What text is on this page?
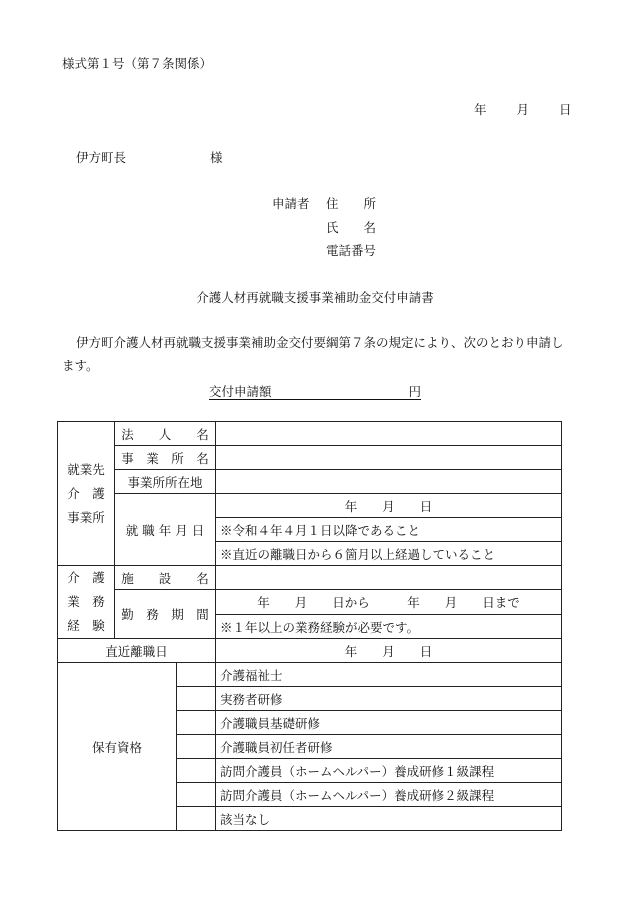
様式第１号（第７条関係）
年 月 日
伊方町長	様
申請者 住　　所
氏　　名
電話番号
介護人材再就職支援事業補助金交付申請書
伊方町介護人材再就職支援事業補助金交付要綱第７条の規定により、次のとおり申請します。
交付申請額	円
就業先
介　護
事業所	法　　人　　名		
	事　業　所　名		
	事業所所在地		
	就 職 年 月 日		年　　月　　日
			※令和４年４月１日以降であること
			※直近の離職日から６箇月以上経過していること

介　護
業　務
経　験	施　　設　　名		
	勤　務　期　間		年　　月　　日から　　　年　　月　　日まで
			※１年以上の業務経験が必要です。
直近離職日			年　　月　　日
保有資格			介護福祉士
			実務者研修
			介護職員基礎研修
			介護職員初任者研修
			訪問介護員（ホームヘルパー）養成研修１級課程
			訪問介護員（ホームヘルパー）養成研修２級課程
			該当なし
